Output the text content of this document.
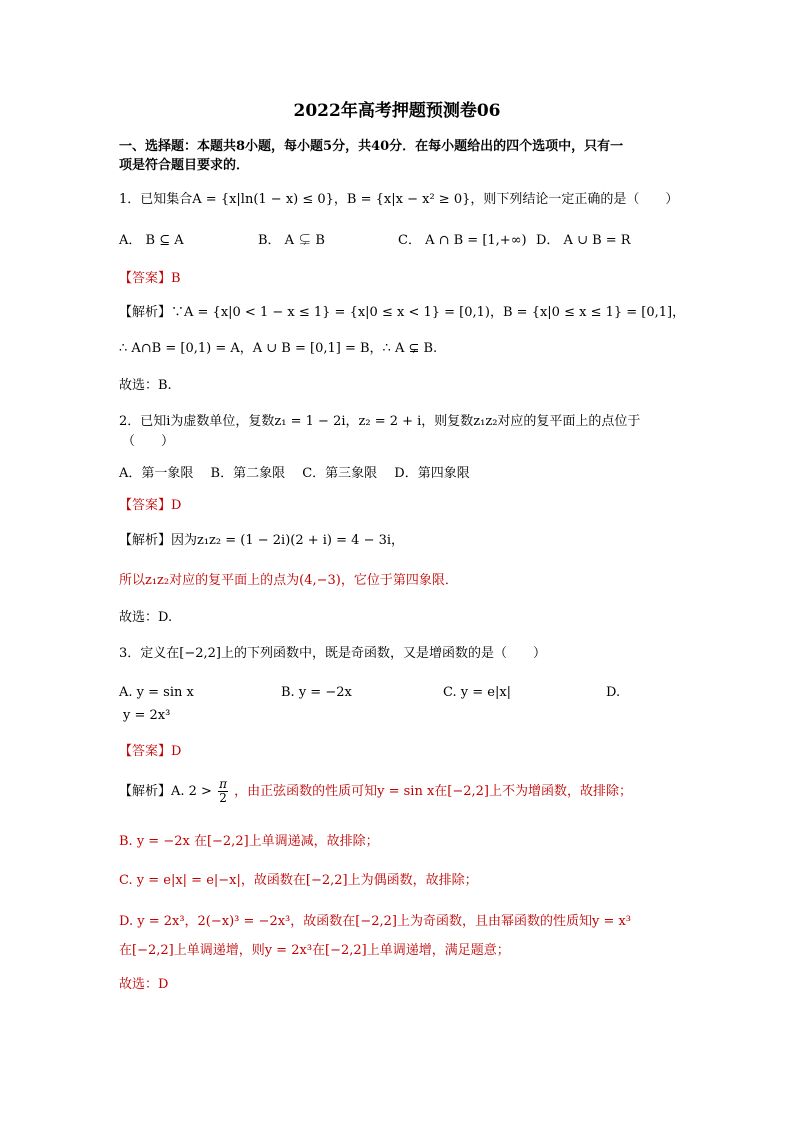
2022年高考押题预测卷06
一、选择题：本题共8小题，每小题5分，共40分．在每小题给出的四个选项中，只有一
项是符合题目要求的．
1．已知集合A = {x|ln(1 − x) ≤ 0}，B = {x|x − x² ≥ 0}，则下列结论一定正确的是（　　）
A． B ⊆ A	B． A ⊊ B	C． A ∩ B = [1,+∞) D． A ∪ B = R
【答案】B
【解析】∵A = {x|0 < 1 − x ≤ 1} = {x|0 ≤ x < 1} = [0,1)，B = {x|0 ≤ x ≤ 1} = [0,1]，
∴ A∩B = [0,1) = A，A ∪ B = [0,1] = B，∴ A ⊊ B.
故选：B.
2．已知i为虚数单位，复数z₁ = 1 − 2i，z₂ = 2 + i，则复数z₁z₂对应的复平面上的点位于
（　　）
A．第一象限　 B．第二象限　 C．第三象限　 D．第四象限
【答案】D
【解析】因为z₁z₂ = (1 − 2i)(2 + i) = 4 − 3i，
所以z₁z₂对应的复平面上的点为(4,−3)，它位于第四象限．
故选：D.
3．定义在[−2,2]上的下列函数中，既是奇函数，又是增函数的是（　　）
A. y = sin x	B. y = −2x	C. y = e|x|	D.
y = 2x³
【答案】D
【解析】A. $2 > \frac{\pi}{2}$ ，由正弦函数的性质可知y = sin x在[−2,2]上不为增函数，故排除；
B. y = −2x 在[−2,2]上单调递减，故排除；
C. y = e|x| = e|−x|，故函数在[−2,2]上为偶函数，故排除；
D. y = 2x³，2(−x)³ = −2x³，故函数在[−2,2]上为奇函数，且由幂函数的性质知y = x³
在[−2,2]上单调递增，则y = 2x³在[−2,2]上单调递增，满足题意；
故选：D
